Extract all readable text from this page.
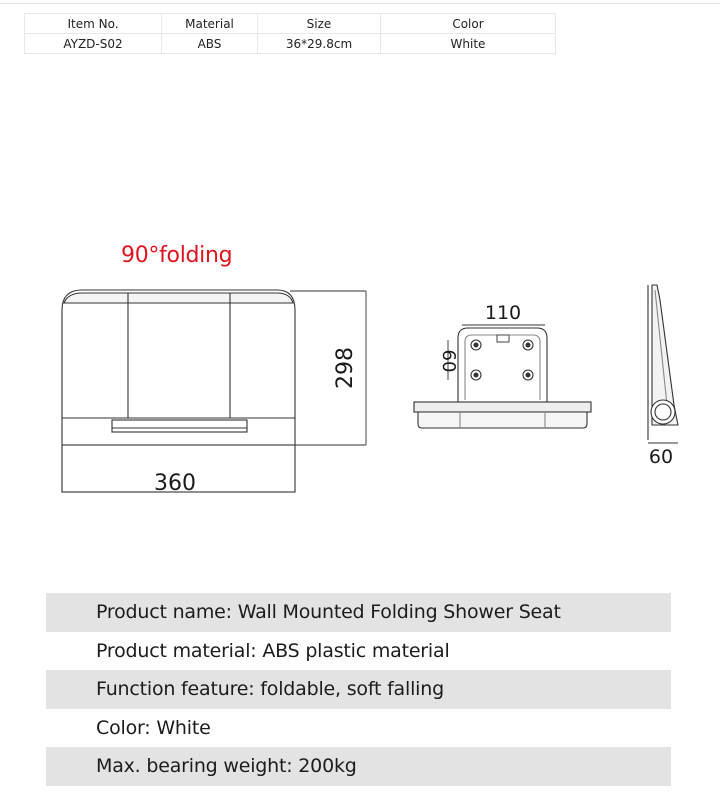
Item No.	Material	Size	Color
AYZD-S02	ABS	36*29.8cm	White
90°folding
360
298
110
60
60
Product name: Wall Mounted Folding Shower Seat
Product material: ABS plastic material
Function feature: foldable, soft falling
Color: White
Max. bearing weight: 200kg
